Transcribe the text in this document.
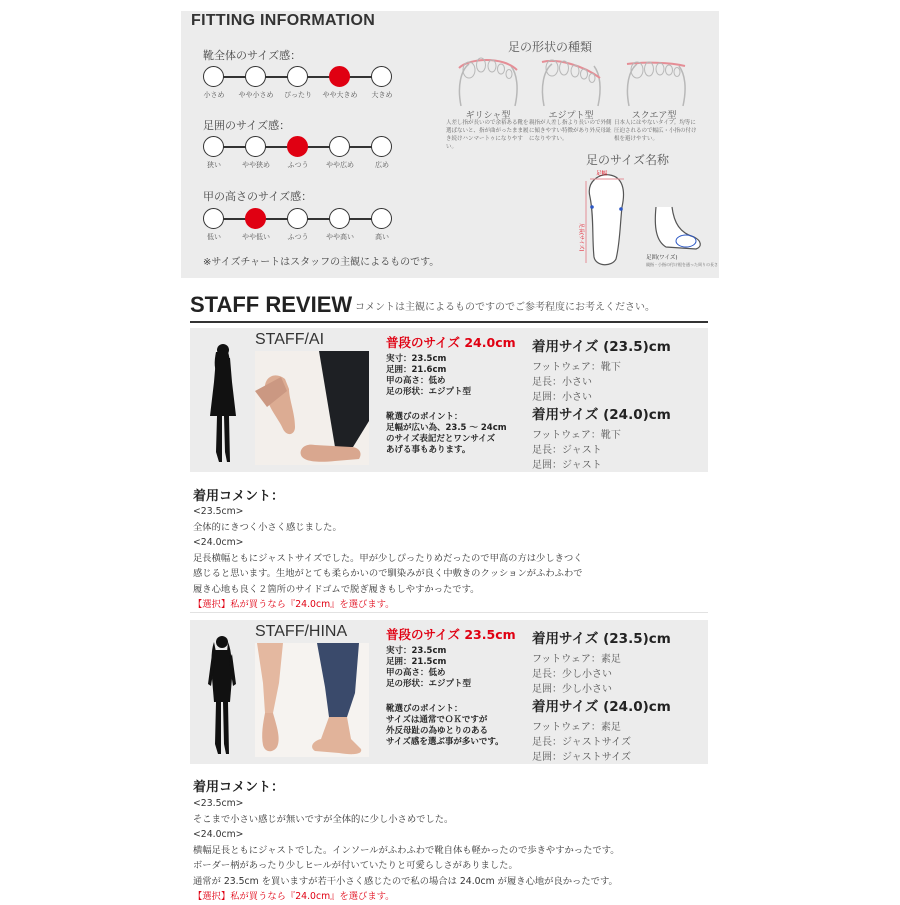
FITTING INFORMATION
靴全体のサイズ感：
小さめ	やや小さめ	ぴったり	やや大きめ	大きめ
足囲のサイズ感：
狭い	やや狭め	ふつう	やや広め	広め
甲の高さのサイズ感：
低い	やや低い	ふつう	やや高い	高い
※サイズチャートはスタッフの主観によるものです。
足の形状の種類
ギリシャ型	エジプト型	スクエア型
人差し指が長いので余裕ある靴を選ばないと、指が曲がったまま履き続けハンマートゥになりやすい。
親指が人差し指より長いので外側に傾きやすい特徴があり外反母趾になりやすい。
日本人にはやないタイプ。均等に圧迫されるので幅広・小指の付け根を避けやすい。
足のサイズ名称
足幅
足長(サイズ)
足囲(ワイズ)
親指・小指の付け根を通った周りの長さ
STAFF REVIEW コメントは主観によるものですのでご参考程度にお考えください。
STAFF/AI	普段のサイズ 24.0cm
実寸：23.5cm
足囲：21.6cm
甲の高さ：低め
足の形状：エジプト型
靴選びのポイント：
足幅が広い為、23.5 ～ 24cm
のサイズ表記だとワンサイズ
あげる事もあります。
着用サイズ (23.5)cm
フットウェア：靴下
足長：小さい
足囲：小さい
着用サイズ (24.0)cm
フットウェア：靴下
足長：ジャスト
足囲：ジャスト
着用コメント：
<23.5cm>
全体的にきつく小さく感じました。
<24.0cm>
足長横幅ともにジャストサイズでした。甲が少しぴったりめだったので甲高の方は少しきつく
感じると思います。生地がとても柔らかいので馴染みが良く中敷きのクッションがふわふわで
履き心地も良く２箇所のサイドゴムで脱ぎ履きもしやすかったです。
【選択】私が買うなら『24.0cm』を選びます。
STAFF/HINA	普段のサイズ 23.5cm
実寸：23.5cm
足囲：21.5cm
甲の高さ：低め
足の形状：エジプト型
靴選びのポイント：
サイズは通常でＯＫですが
外反母趾の為ゆとりのある
サイズ感を選ぶ事が多いです。
着用サイズ (23.5)cm
フットウェア：素足
足長：少し小さい
足囲：少し小さい
着用サイズ (24.0)cm
フットウェア：素足
足長：ジャストサイズ
足囲：ジャストサイズ
着用コメント：
<23.5cm>
そこまで小さい感じが無いですが全体的に少し小さめでした。
<24.0cm>
横幅足長ともにジャストでした。インソールがふわふわで靴自体も軽かったので歩きやすかったです。
ボーダー柄があったり少しヒールが付いていたりと可愛らしさがありました。
通常が 23.5cm を買いますが若干小さく感じたので私の場合は 24.0cm が履き心地が良かったです。
【選択】私が買うなら『24.0cm』を選びます。
